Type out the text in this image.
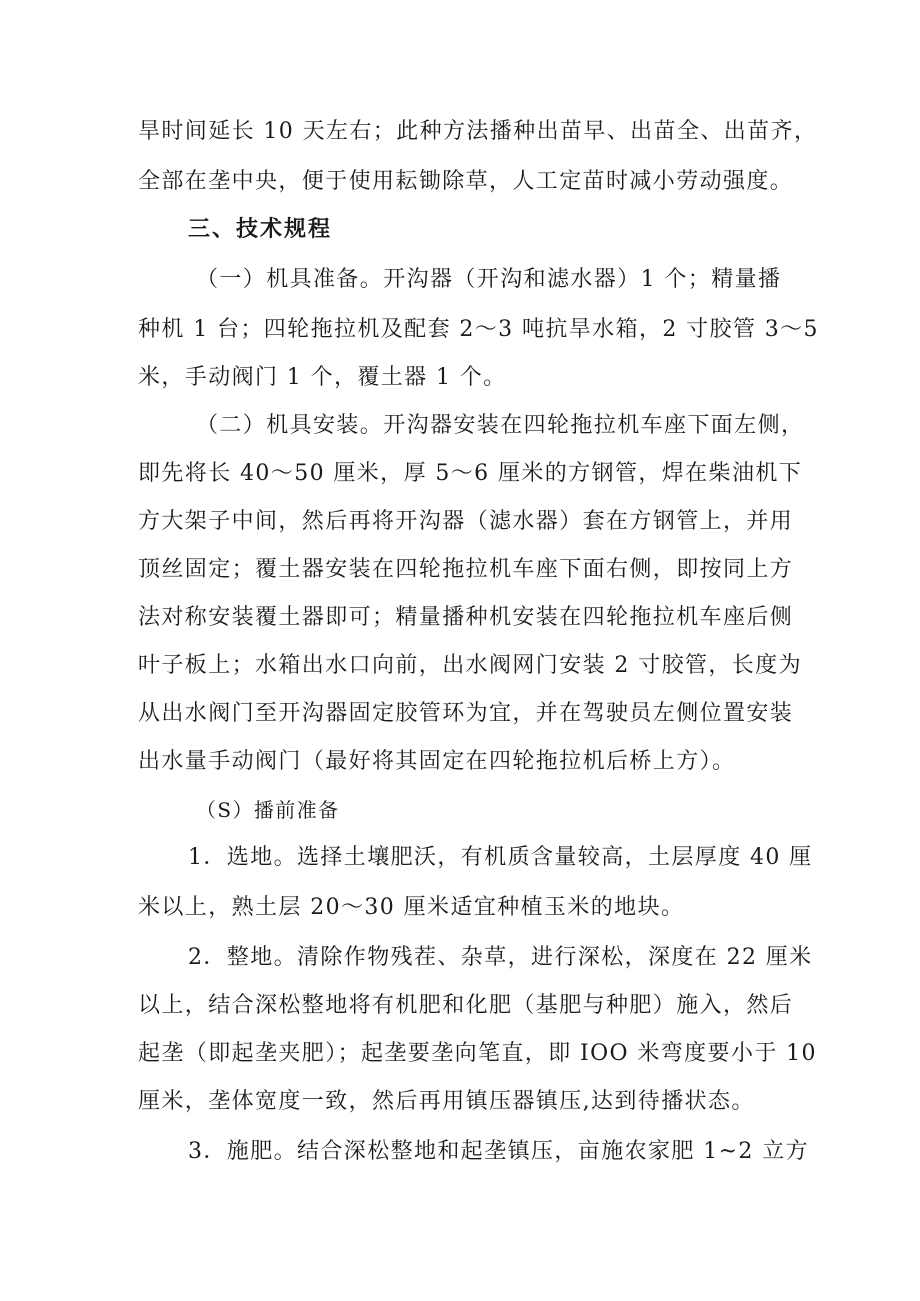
旱时间延长 10 天左右；此种方法播种出苗早、出苗全、出苗齐，
全部在垄中央，便于使用耘锄除草，人工定苗时减小劳动强度。
三、技术规程
（一）机具准备。开沟器（开沟和滤水器）1 个；精量播
种机 1 台；四轮拖拉机及配套 2～3 吨抗旱水箱，2 寸胶管 3～5
米，手动阀门 1 个，覆土器 1 个。
（二）机具安装。开沟器安装在四轮拖拉机车座下面左侧，
即先将长 40～50 厘米，厚 5～6 厘米的方钢管，焊在柴油机下
方大架子中间，然后再将开沟器（滤水器）套在方钢管上，并用
顶丝固定；覆土器安装在四轮拖拉机车座下面右侧，即按同上方
法对称安装覆土器即可；精量播种机安装在四轮拖拉机车座后侧
叶子板上；水箱出水口向前，出水阀网门安装 2 寸胶管，长度为
从出水阀门至开沟器固定胶管环为宜，并在驾驶员左侧位置安装
出水量手动阀门（最好将其固定在四轮拖拉机后桥上方）。
（S）播前准备
1．选地。选择土壤肥沃，有机质含量较高，土层厚度 40 厘
米以上，熟土层 20～30 厘米适宜种植玉米的地块。
2．整地。清除作物残茬、杂草，进行深松，深度在 22 厘米
以上，结合深松整地将有机肥和化肥（基肥与种肥）施入，然后
起垄（即起垄夹肥）；起垄要垄向笔直，即 IOO 米弯度要小于 10
厘米，垄体宽度一致，然后再用镇压器镇压,达到待播状态。
3．施肥。结合深松整地和起垄镇压，亩施农家肥 1~2 立方
